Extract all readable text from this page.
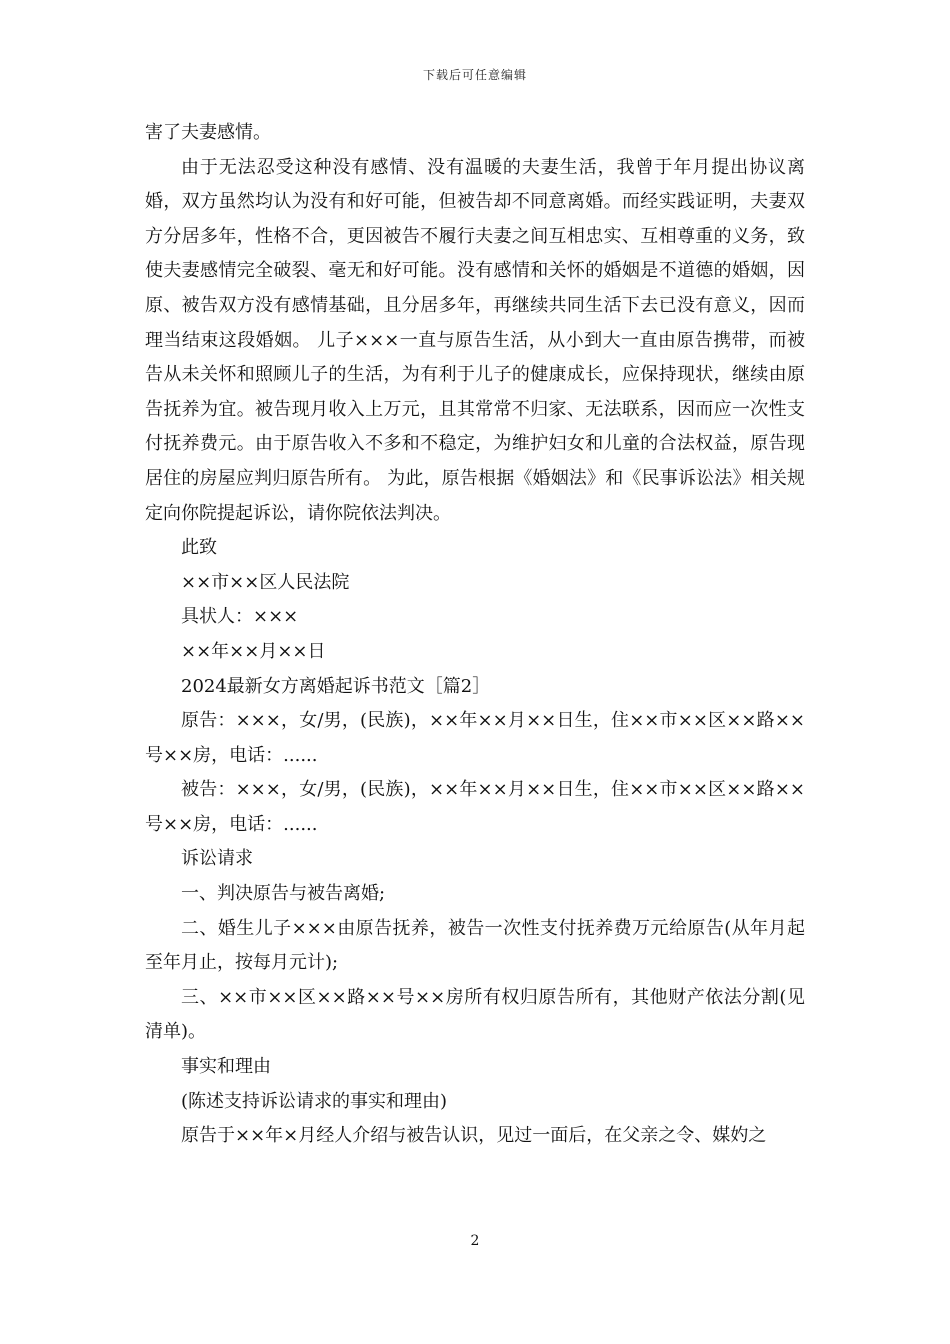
下载后可任意编辑

害了夫妻感情。

由于无法忍受这种没有感情、没有温暖的夫妻生活，我曾于年月提出协议离婚，双方虽然均认为没有和好可能，但被告却不同意离婚。而经实践证明，夫妻双方分居多年，性格不合，更因被告不履行夫妻之间互相忠实、互相尊重的义务，致使夫妻感情完全破裂、毫无和好可能。没有感情和关怀的婚姻是不道德的婚姻，因原、被告双方没有感情基础，且分居多年，再继续共同生活下去已没有意义，因而理当结束这段婚姻。 儿子×××一直与原告生活，从小到大一直由原告携带，而被告从未关怀和照顾儿子的生活，为有利于儿子的健康成长，应保持现状，继续由原告抚养为宜。被告现月收入上万元，且其常常不归家、无法联系，因而应一次性支付抚养费元。由于原告收入不多和不稳定，为维护妇女和儿童的合法权益，原告现居住的房屋应判归原告所有。 为此，原告根据《婚姻法》和《民事诉讼法》相关规定向你院提起诉讼，请你院依法判决。

此致

××市××区人民法院

具状人：×××

××年××月××日

2024最新女方离婚起诉书范文［篇2］

原告：×××，女/男，(民族)，××年××月××日生，住××市××区××路××号××房，电话：......

被告：×××，女/男，(民族)，××年××月××日生，住××市××区××路××号××房，电话：......

诉讼请求

一、判决原告与被告离婚;

二、婚生儿子×××由原告抚养，被告一次性支付抚养费万元给原告(从年月起至年月止，按每月元计);

三、××市××区××路××号××房所有权归原告所有，其他财产依法分割(见清单)。

事实和理由

(陈述支持诉讼请求的事实和理由)

原告于××年×月经人介绍与被告认识，见过一面后，在父亲之令、媒妁之

2
